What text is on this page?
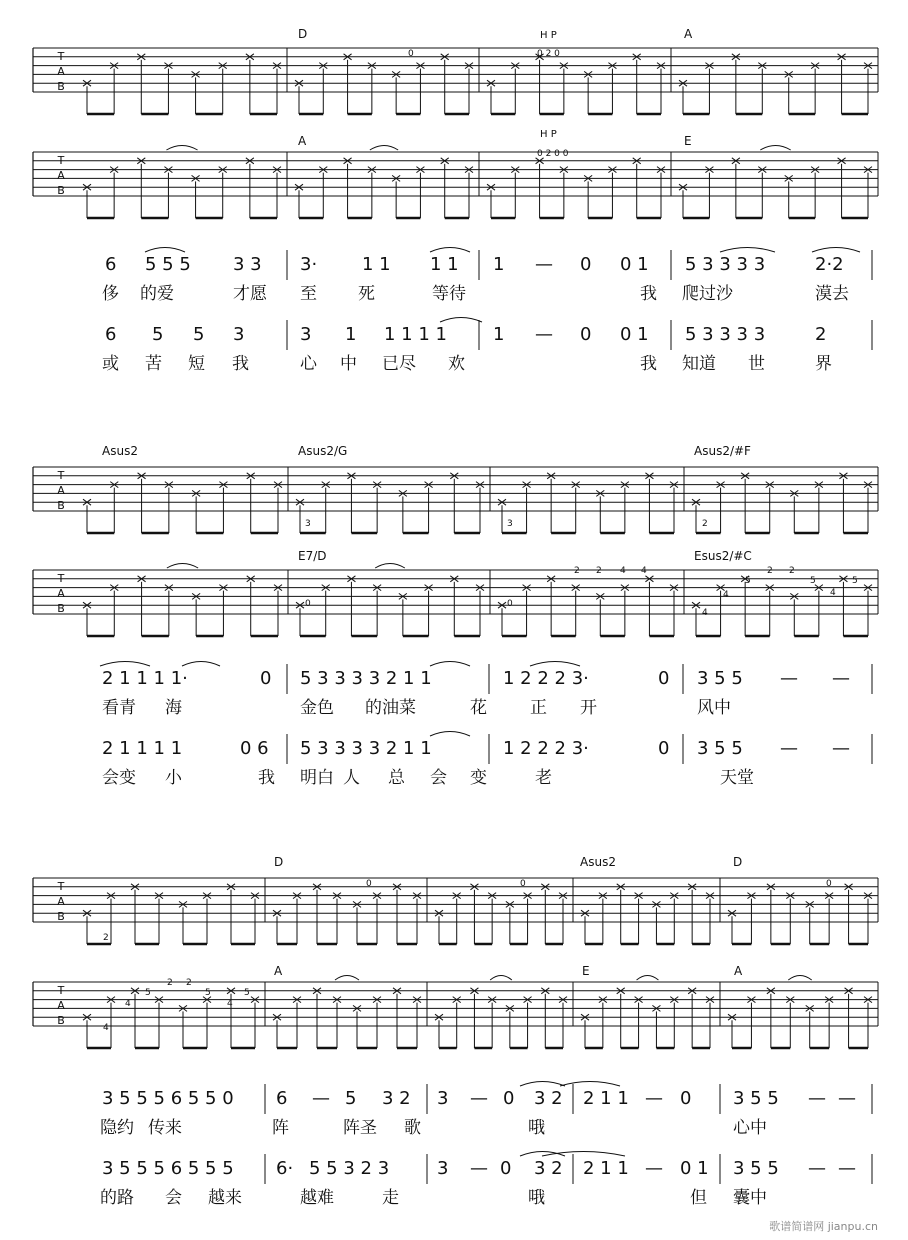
T
A
B
T
A
B
T
A
B
T
A
B
T
A
B
T
A
B
D	H P	A
A	H P	E
0	0 2 0
0 2 0 0
Asus2	Asus2/G	Asus2/#F
3	3	2
E7/D	Esus2/#C
0	0
2 2 4 4
4
5
2 2
5	5
4
4
D	Asus2	D
2
0	0	0
A	E	A
4
5
2 2
5
4
5
4
6 5 5 5 3 3 3· 1 1 1 1 1 — 0 0 1 5 3 3 3 3	2·2
侈 的爱	才愿 至 死	等待	我 爬过沙	漠去
6 5 5 3	3 1 1 1 1 1	1 — 0 0 1 5 3 3 3 3	2
或 苦 短 我	心 中 已尽 欢	我 知道 世	界
2 1 1 1 1·	0 5 3 3 3 3 2 1 1	1 2 2 2 3·	0 3 5 5 — —
看青 海	金色 的油菜	花	正 开	风中
2 1 1 1 1	0 6 5 3 3 3 3 2 1 1	1 2 2 2 3·	0 3 5 5 — —
会变 小	我 明白 人 总 会 变	老	天堂
3 5 5 5 6 5 5 0 6 — 5 3 2 3 — 0 3 2 2 1 1 — 0 3 5 5 — —
隐约 传来	阵	阵圣 歌	哦	心中
3 5 5 5 6 5 5 5 6· 5 5 3 2 3	3 — 0 3 2 2 1 1 — 0 1 3 5 5 — —
的路 会 越来	越难	走	哦	但 囊中
歌谱简谱网 jianpu.cn
